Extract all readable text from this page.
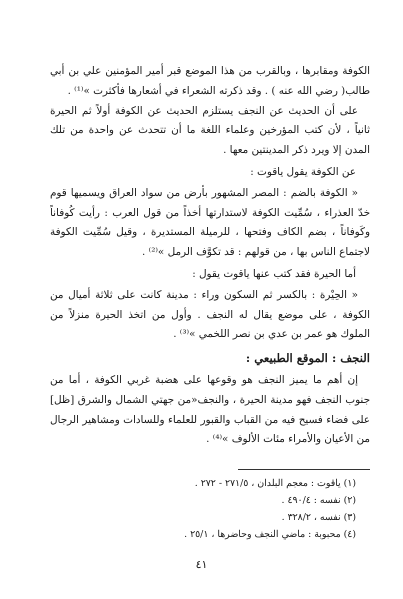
الكوفة ومقابرها ، وبالقرب من هذا الموضع قبر أمير المؤمنين علي بن أبي طالب( رضي الله عنه ) . وقد ذكرته الشعراء في أشعارها فأكثرت »⁽¹⁾ .

على أن الحديث عن النجف يستلزم الحديث عن الكوفة أولاً ثم الحيرة ثانياً ، لأن كتب المؤرخين وعلماء اللغة ما أن تتحدث عن واحدة من تلك المدن إلا ويرد ذكر المدينتين معها .

عن الكوفة يقول ياقوت :

« الكوفة بالضم : المصر المشهور بأرض من سواد العراق ويسميها قوم خدّ العذراء ، سُمِّيت الكوفة لاستدارتها أخذاً من قول العرب : رأيت كُوفاناً وكَوفاناً ، بضم الكاف وفتحها ، للرميلة المستديرة ، وقيل سُمِّيت الكوفة لاجتماع الناس بها ، من قولهم : قد تكوَّف الرمل »⁽²⁾ .

أما الحيرة فقد كتب عنها ياقوت يقول :

« الحِيْرة : بالكسر ثم السكون وراء : مدينة كانت على ثلاثة أميال من الكوفة ، على موضع يقال له النجف . وأول من اتخذ الحيرة منزلاً من الملوك هو عمر بن عدي بن نصر اللخمي »⁽³⁾ .

النجف : الموقع الطبيعي :

إن أهم ما يميز النجف هو وقوعها على هضبة غربي الكوفة ، أما من جنوب النجف فهو مدينة الحيرة ، والنجف«من جهتي الشمال والشرق [ظل] على فضاء فسيح فيه من القباب والقبور للعلماء وللسادات ومشاهير الرجال من الأعيان والأمراء مئات الألوف »⁽⁴⁾ .

(١) ياقوت : معجم البلدان ، ٢٧١/٥ - ٢٧٢ .

(٢) نفسه : ٤٩٠/٤ .

(٣) نفسه ، ٣٢٨/٢ .

(٤) محبوبة : ماضي النجف وحاضرها ، ٢٥/١ .

٤١
